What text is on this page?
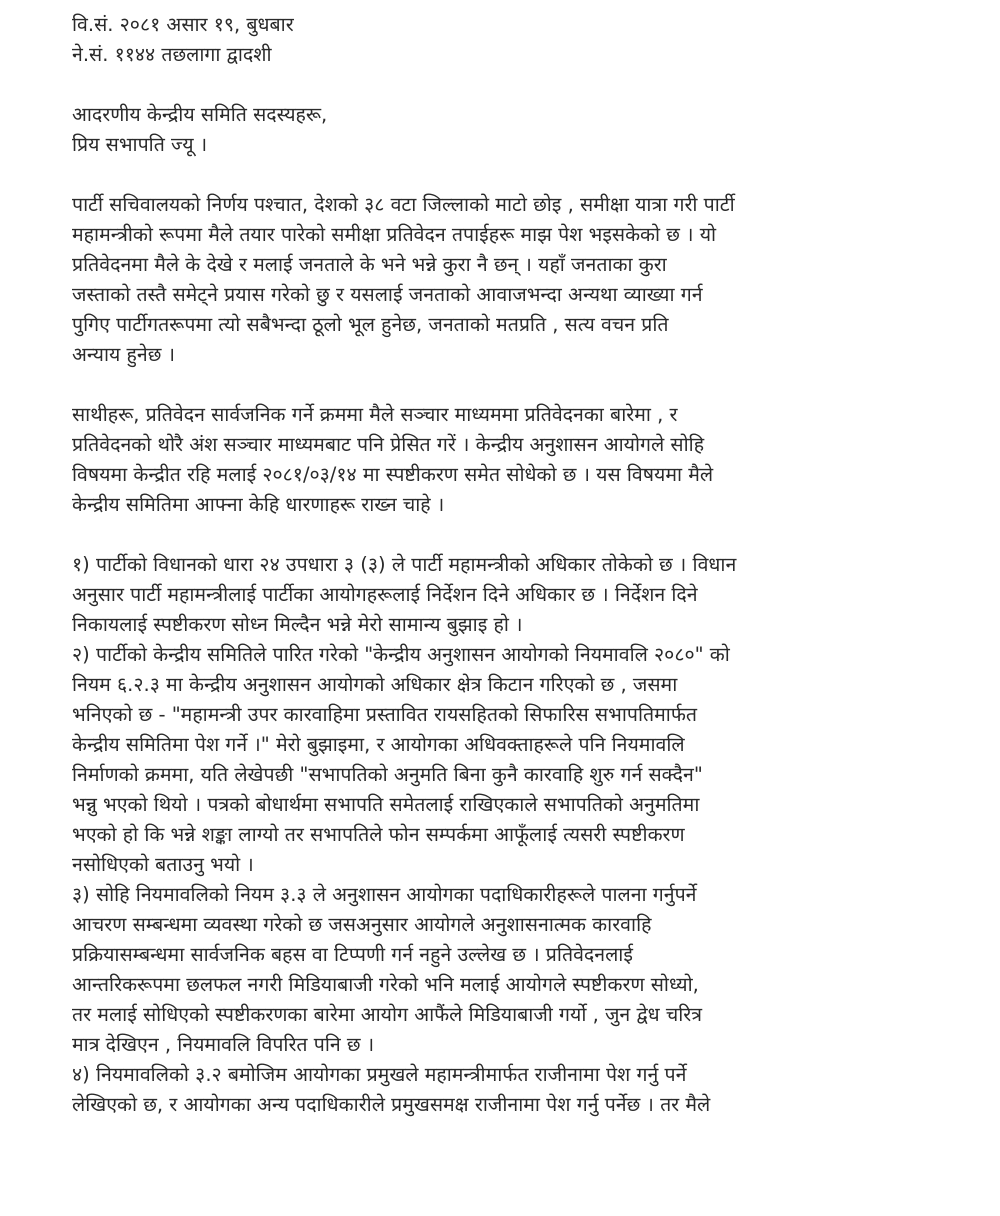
वि.सं. २०८१ असार १९, बुधबार
ने.सं. ११४४ तछलागा द्वादशी
आदरणीय केन्द्रीय समिति सदस्यहरू,
प्रिय सभापति ज्यू ।
पार्टी सचिवालयको निर्णय पश्चात, देशको ३८ वटा जिल्लाको माटो छोइ , समीक्षा यात्रा गरी पार्टी
महामन्त्रीको रूपमा मैले तयार पारेको समीक्षा प्रतिवेदन तपाईहरू माझ पेश भइसकेको छ । यो
प्रतिवेदनमा मैले के देखे र मलाई जनताले के भने भन्ने कुरा नै छन् । यहाँ जनताका कुरा
जस्ताको तस्तै समेट्ने प्रयास गरेको छु र यसलाई जनताको आवाजभन्दा अन्यथा व्याख्या गर्न
पुगिए पार्टीगतरूपमा त्यो सबैभन्दा ठूलो भूल हुनेछ, जनताको मतप्रति , सत्य वचन प्रति
अन्याय हुनेछ ।
साथीहरू, प्रतिवेदन सार्वजनिक गर्ने क्रममा मैले सञ्चार माध्यममा प्रतिवेदनका बारेमा , र
प्रतिवेदनको थोरै अंश सञ्चार माध्यमबाट पनि प्रेसित गरें । केन्द्रीय अनुशासन आयोगले सोहि
विषयमा केन्द्रीत रहि मलाई २०८१/०३/१४ मा स्पष्टीकरण समेत सोधेको छ । यस विषयमा मैले
केन्द्रीय समितिमा आफ्ना केहि धारणाहरू राख्न चाहे ।
१) पार्टीको विधानको धारा २४ उपधारा ३ (३) ले पार्टी महामन्त्रीको अधिकार तोकेको छ । विधान
अनुसार पार्टी महामन्त्रीलाई पार्टीका आयोगहरूलाई निर्देशन दिने अधिकार छ । निर्देशन दिने
निकायलाई स्पष्टीकरण सोध्न मिल्दैन भन्ने मेरो सामान्य बुझाइ हो ।
२) पार्टीको केन्द्रीय समितिले पारित गरेको "केन्द्रीय अनुशासन आयोगको नियमावलि २०८०" को
नियम ६.२.३ मा केन्द्रीय अनुशासन आयोगको अधिकार क्षेत्र किटान गरिएको छ , जसमा
भनिएको छ - "महामन्त्री उपर कारवाहिमा प्रस्तावित रायसहितको सिफारिस सभापतिमार्फत
केन्द्रीय समितिमा पेश गर्ने ।" मेरो बुझाइमा, र आयोगका अधिवक्ताहरूले पनि नियमावलि
निर्माणको क्रममा, यति लेखेपछी "सभापतिको अनुमति बिना कुनै कारवाहि शुरु गर्न सक्दैन"
भन्नु भएको थियो । पत्रको बोधार्थमा सभापति समेतलाई राखिएकाले सभापतिको अनुमतिमा
भएको हो कि भन्ने शङ्का लाग्यो तर सभापतिले फोन सम्पर्कमा आफूँलाई त्यसरी स्पष्टीकरण
नसोधिएको बताउनु भयो ।
३) सोहि नियमावलिको नियम ३.३ ले अनुशासन आयोगका पदाधिकारीहरूले पालना गर्नुपर्ने
आचरण सम्बन्धमा व्यवस्था गरेको छ जसअनुसार आयोगले अनुशासनात्मक कारवाहि
प्रक्रियासम्बन्धमा सार्वजनिक बहस वा टिप्पणी गर्न नहुने उल्लेख छ । प्रतिवेदनलाई
आन्तरिकरूपमा छलफल नगरी मिडियाबाजी गरेको भनि मलाई आयोगले स्पष्टीकरण सोध्यो,
तर मलाई सोधिएको स्पष्टीकरणका बारेमा आयोग आफैंले मिडियाबाजी गर्यो , जुन द्वेध चरित्र
मात्र देखिएन , नियमावलि विपरित पनि छ ।
४) नियमावलिको ३.२ बमोजिम आयोगका प्रमुखले महामन्त्रीमार्फत राजीनामा पेश गर्नु पर्ने
लेखिएको छ, र आयोगका अन्य पदाधिकारीले प्रमुखसमक्ष राजीनामा पेश गर्नु पर्नेछ । तर मैले
